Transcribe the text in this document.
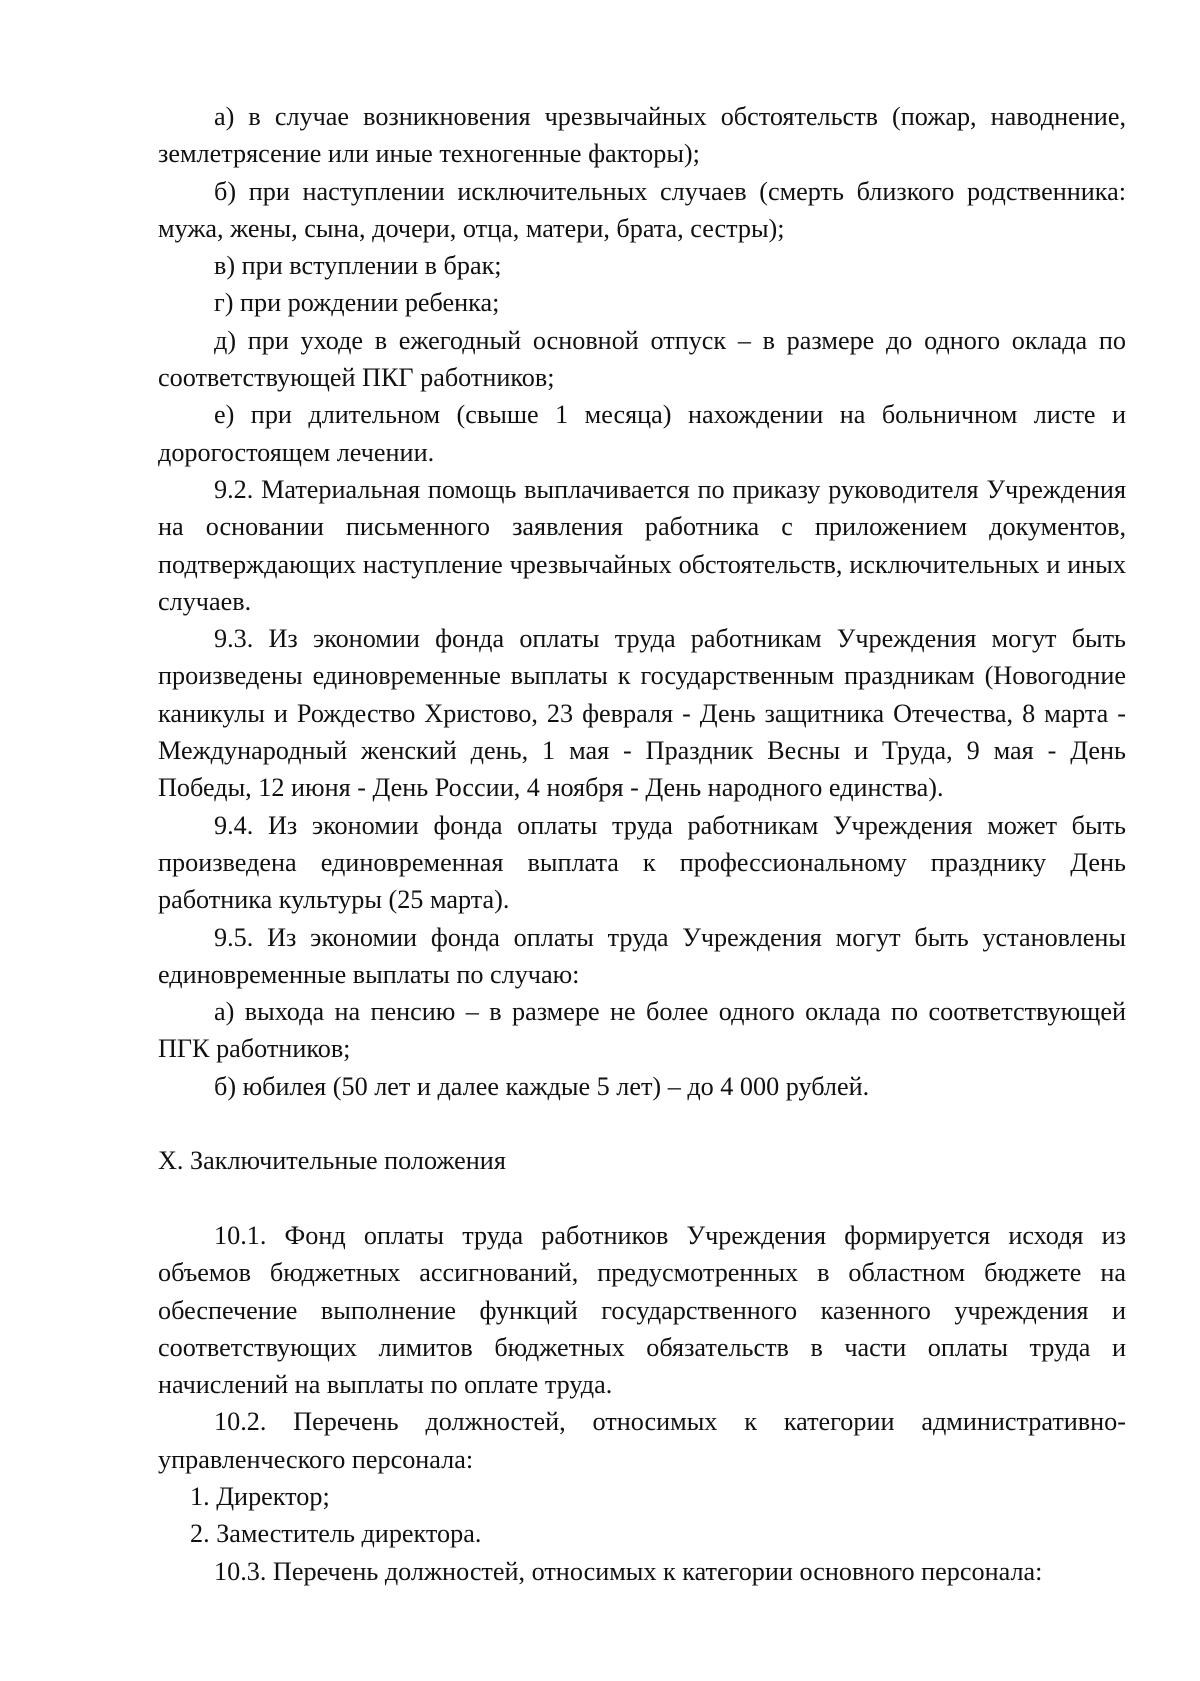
а) в случае возникновения чрезвычайных обстоятельств (пожар, наводнение, землетрясение или иные техногенные факторы);

б) при наступлении исключительных случаев (смерть близкого родственника: мужа, жены, сына, дочери, отца, матери, брата, сестры);

в) при вступлении в брак;

г) при рождении ребенка;

д) при уходе в ежегодный основной отпуск – в размере до одного оклада по соответствующей ПКГ работников;

е) при длительном (свыше 1 месяца) нахождении на больничном листе и дорогостоящем лечении.

9.2. Материальная помощь выплачивается по приказу руководителя Учреждения на основании письменного заявления работника с приложением документов, подтверждающих наступление чрезвычайных обстоятельств, исключительных и иных случаев.

9.3. Из экономии фонда оплаты труда работникам Учреждения могут быть произведены единовременные выплаты к государственным праздникам (Новогодние каникулы и Рождество Христово, 23 февраля - День защитника Отечества, 8 марта - Международный женский день, 1 мая - Праздник Весны и Труда, 9 мая - День Победы, 12 июня - День России, 4 ноября - День народного единства).

9.4. Из экономии фонда оплаты труда работникам Учреждения может быть произведена единовременная выплата к профессиональному празднику День работника культуры (25 марта).

9.5. Из экономии фонда оплаты труда Учреждения могут быть установлены единовременные выплаты по случаю:

а) выхода на пенсию – в размере не более одного оклада по соответствующей ПГК работников;

б) юбилея (50 лет и далее каждые 5 лет) – до 4 000 рублей.

X. Заключительные положения

10.1. Фонд оплаты труда работников Учреждения формируется исходя из объемов бюджетных ассигнований, предусмотренных в областном бюджете на обеспечение выполнение функций государственного казенного учреждения и соответствующих лимитов бюджетных обязательств в части оплаты труда и начислений на выплаты по оплате труда.

10.2. Перечень должностей, относимых к категории административно-управленческого персонала:

1. Директор;

2. Заместитель директора.

10.3. Перечень должностей, относимых к категории основного персонала:
